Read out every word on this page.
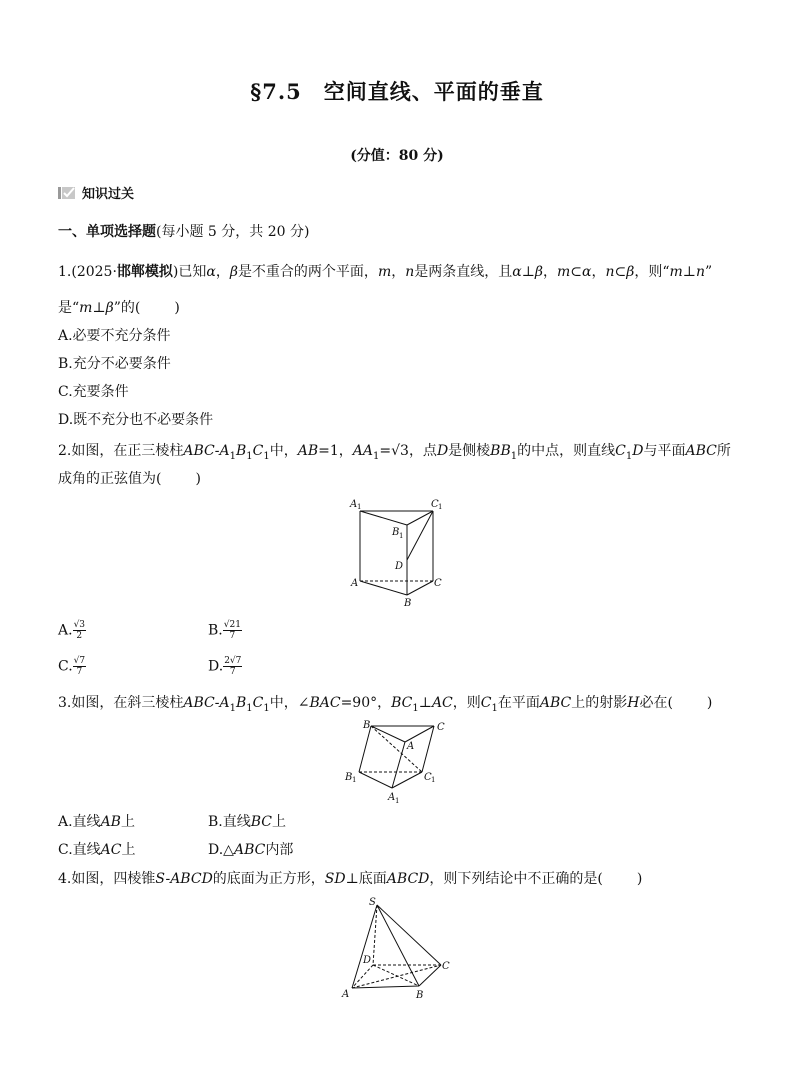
§7.5　空间直线、平面的垂直
(分值：80 分)
知识过关
一、单项选择题(每小题 5 分，共 20 分)
1.(2025·邯郸模拟)已知α，β是不重合的两个平面，m，n是两条直线，且α⊥β，m⊂α，n⊂β，则“m⊥n”
是“m⊥β”的( )
A.必要不充分条件
B.充分不必要条件
C.充要条件
D.既不充分也不必要条件
2.如图，在正三棱柱ABC-$A_1B_1C_1$中，AB=1，$AA_1=√3$，点D是侧棱$BB_1$的中点，则直线$C_1D$与平面ABC所
成角的正弦值为( )
A 1	C 1
B 1
D
A	C
B
A. $\frac{√3}{2}$	B. $\frac{√21}{7}$
C. $\frac{√7}{7}$	D. $\frac{2√7}{7}$
3.如图，在斜三棱柱ABC-$A_1B_1C_1$中，∠BAC=90°，$BC_1\perp AC$，则$C_1$在平面ABC上的射影H必在( )
B	C
A
B 1	C 1
A 1
A.直线AB上	B.直线BC上
C.直线AC上	D.△ABC内部
4.如图，四棱锥S-ABCD的底面为正方形，SD⊥底面ABCD，则下列结论中不正确的是( )
S
D
C
A	B
